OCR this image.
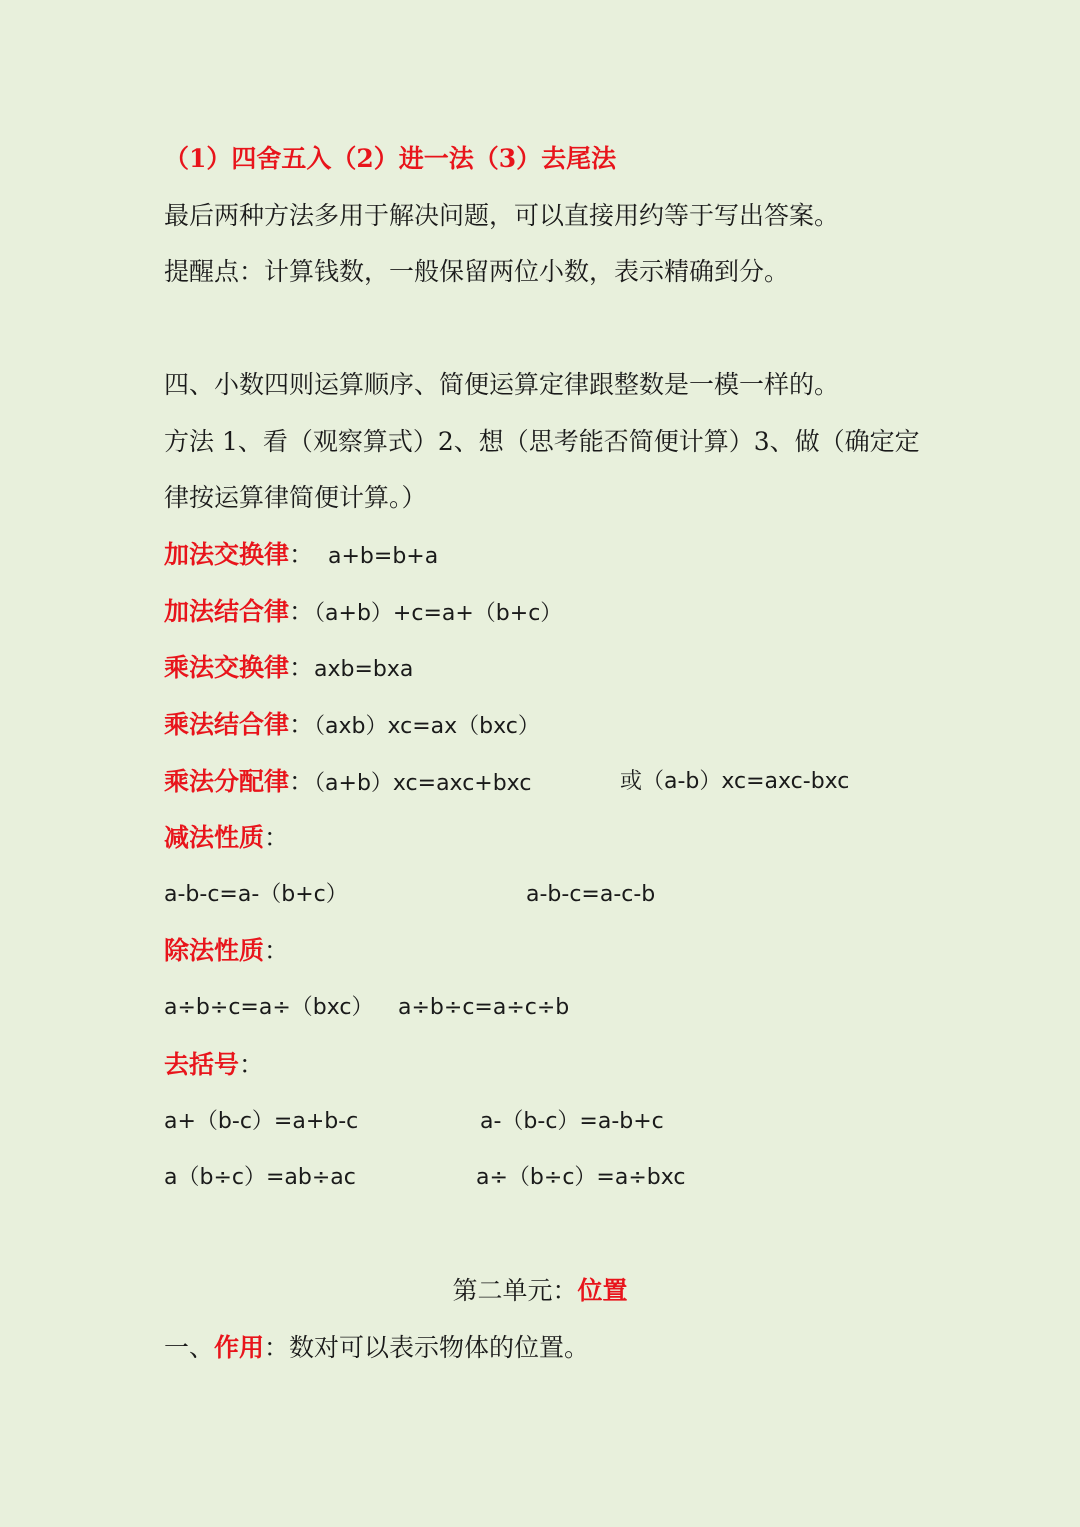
（1）四舍五入（2）进一法（3）去尾法
最后两种方法多用于解决问题，可以直接用约等于写出答案。
提醒点：计算钱数，一般保留两位小数，表示精确到分。
四、小数四则运算顺序、简便运算定律跟整数是一模一样的。
方法 1、看（观察算式）2、想（思考能否简便计算）3、做（确定定
律按运算律简便计算。）
加法交换律：  a+b=b+a
加法结合律：（a+b）+c=a+（b+c）
乘法交换律：axb=bxa
乘法结合律：（axb）xc=ax（bxc）
乘法分配律：（a+b）xc=axc+bxc	或（a-b）xc=axc-bxc
减法性质：
a-b-c=a-（b+c）	a-b-c=a-c-b
除法性质：
a÷b÷c=a÷（bxc） a÷b÷c=a÷c÷b
去括号：
a+（b-c）=a+b-c	a-（b-c）=a-b+c
a（b÷c）=ab÷ac	a÷（b÷c）=a÷bxc
第二单元：位置
一、作用：数对可以表示物体的位置。
